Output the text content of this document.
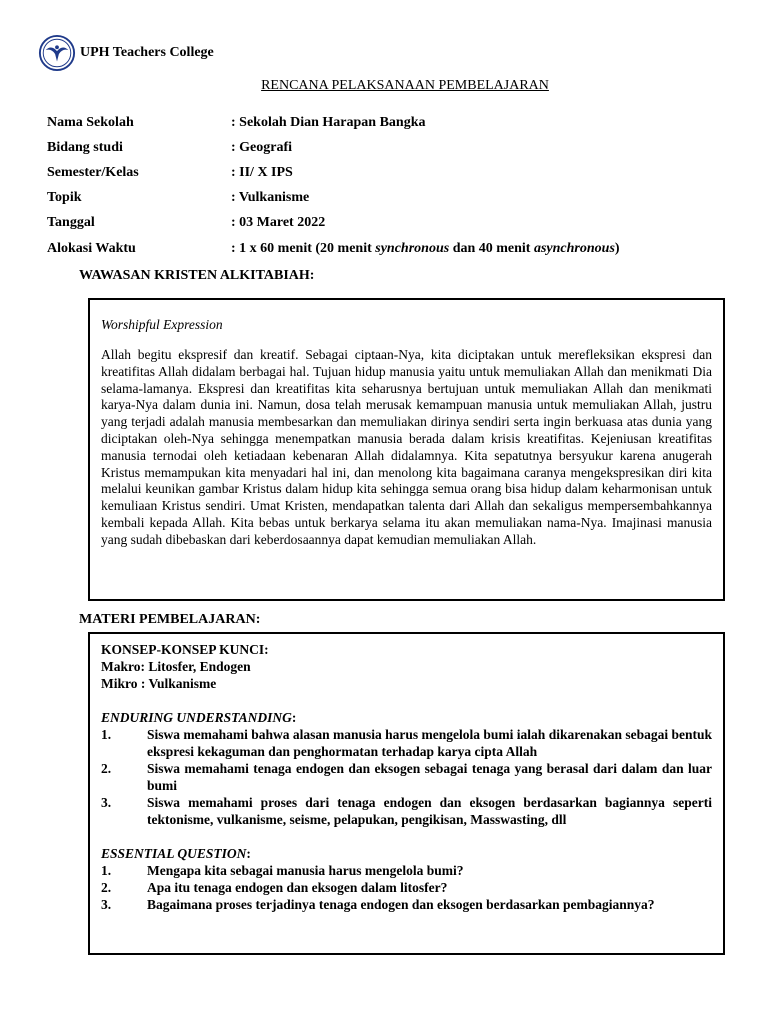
UPH Teachers College
RENCANA PELAKSANAAN PEMBELAJARAN
Nama Sekolah	: Sekolah Dian Harapan Bangka
Bidang studi	: Geografi
Semester/Kelas	: II/ X IPS
Topik	: Vulkanisme
Tanggal	: 03 Maret 2022
Alokasi Waktu	: 1 x 60 menit (20 menit synchronous dan 40 menit asynchronous)
WAWASAN KRISTEN ALKITABIAH:
Worshipful Expression
Allah begitu ekspresif dan kreatif. Sebagai ciptaan-Nya, kita diciptakan untuk merefleksikan ekspresi dan kreatifitas Allah didalam berbagai hal. Tujuan hidup manusia yaitu untuk memuliakan Allah dan menikmati Dia selama-lamanya. Ekspresi dan kreatifitas kita seharusnya bertujuan untuk memuliakan Allah dan menikmati karya-Nya dalam dunia ini. Namun, dosa telah merusak kemampuan manusia untuk memuliakan Allah, justru yang terjadi adalah manusia membesarkan dan memuliakan dirinya sendiri serta ingin berkuasa atas dunia yang diciptakan oleh-Nya sehingga menempatkan manusia berada dalam krisis kreatifitas. Kejeniusan kreatifitas manusia ternodai oleh ketiadaan kebenaran Allah didalamnya. Kita sepatutnya bersyukur karena anugerah Kristus memampukan kita menyadari hal ini, dan menolong kita bagaimana caranya mengekspresikan diri kita melalui keunikan gambar Kristus dalam hidup kita sehingga semua orang bisa hidup dalam keharmonisan untuk kemuliaan Kristus sendiri. Umat Kristen, mendapatkan talenta dari Allah dan sekaligus mempersembahkannya kembali kepada Allah. Kita bebas untuk berkarya selama itu akan memuliakan nama-Nya. Imajinasi manusia yang sudah dibebaskan dari keberdosaannya dapat kemudian memuliakan Allah.
MATERI PEMBELAJARAN:
KONSEP-KONSEP KUNCI:
Makro: Litosfer, Endogen
Mikro : Vulkanisme
ENDURING UNDERSTANDING:
1.	Siswa memahami bahwa alasan manusia harus mengelola bumi ialah dikarenakan sebagai bentuk ekspresi kekaguman dan penghormatan terhadap karya cipta Allah
2.	Siswa memahami tenaga endogen dan eksogen sebagai tenaga yang berasal dari dalam dan luar bumi
3.	Siswa memahami proses dari tenaga endogen dan eksogen berdasarkan bagiannya seperti tektonisme, vulkanisme, seisme, pelapukan, pengikisan, Masswasting, dll
ESSENTIAL QUESTION:
1.	Mengapa kita sebagai manusia harus mengelola bumi?
2.	Apa itu tenaga endogen dan eksogen dalam litosfer?
3.	Bagaimana proses terjadinya tenaga endogen dan eksogen berdasarkan pembagiannya?
